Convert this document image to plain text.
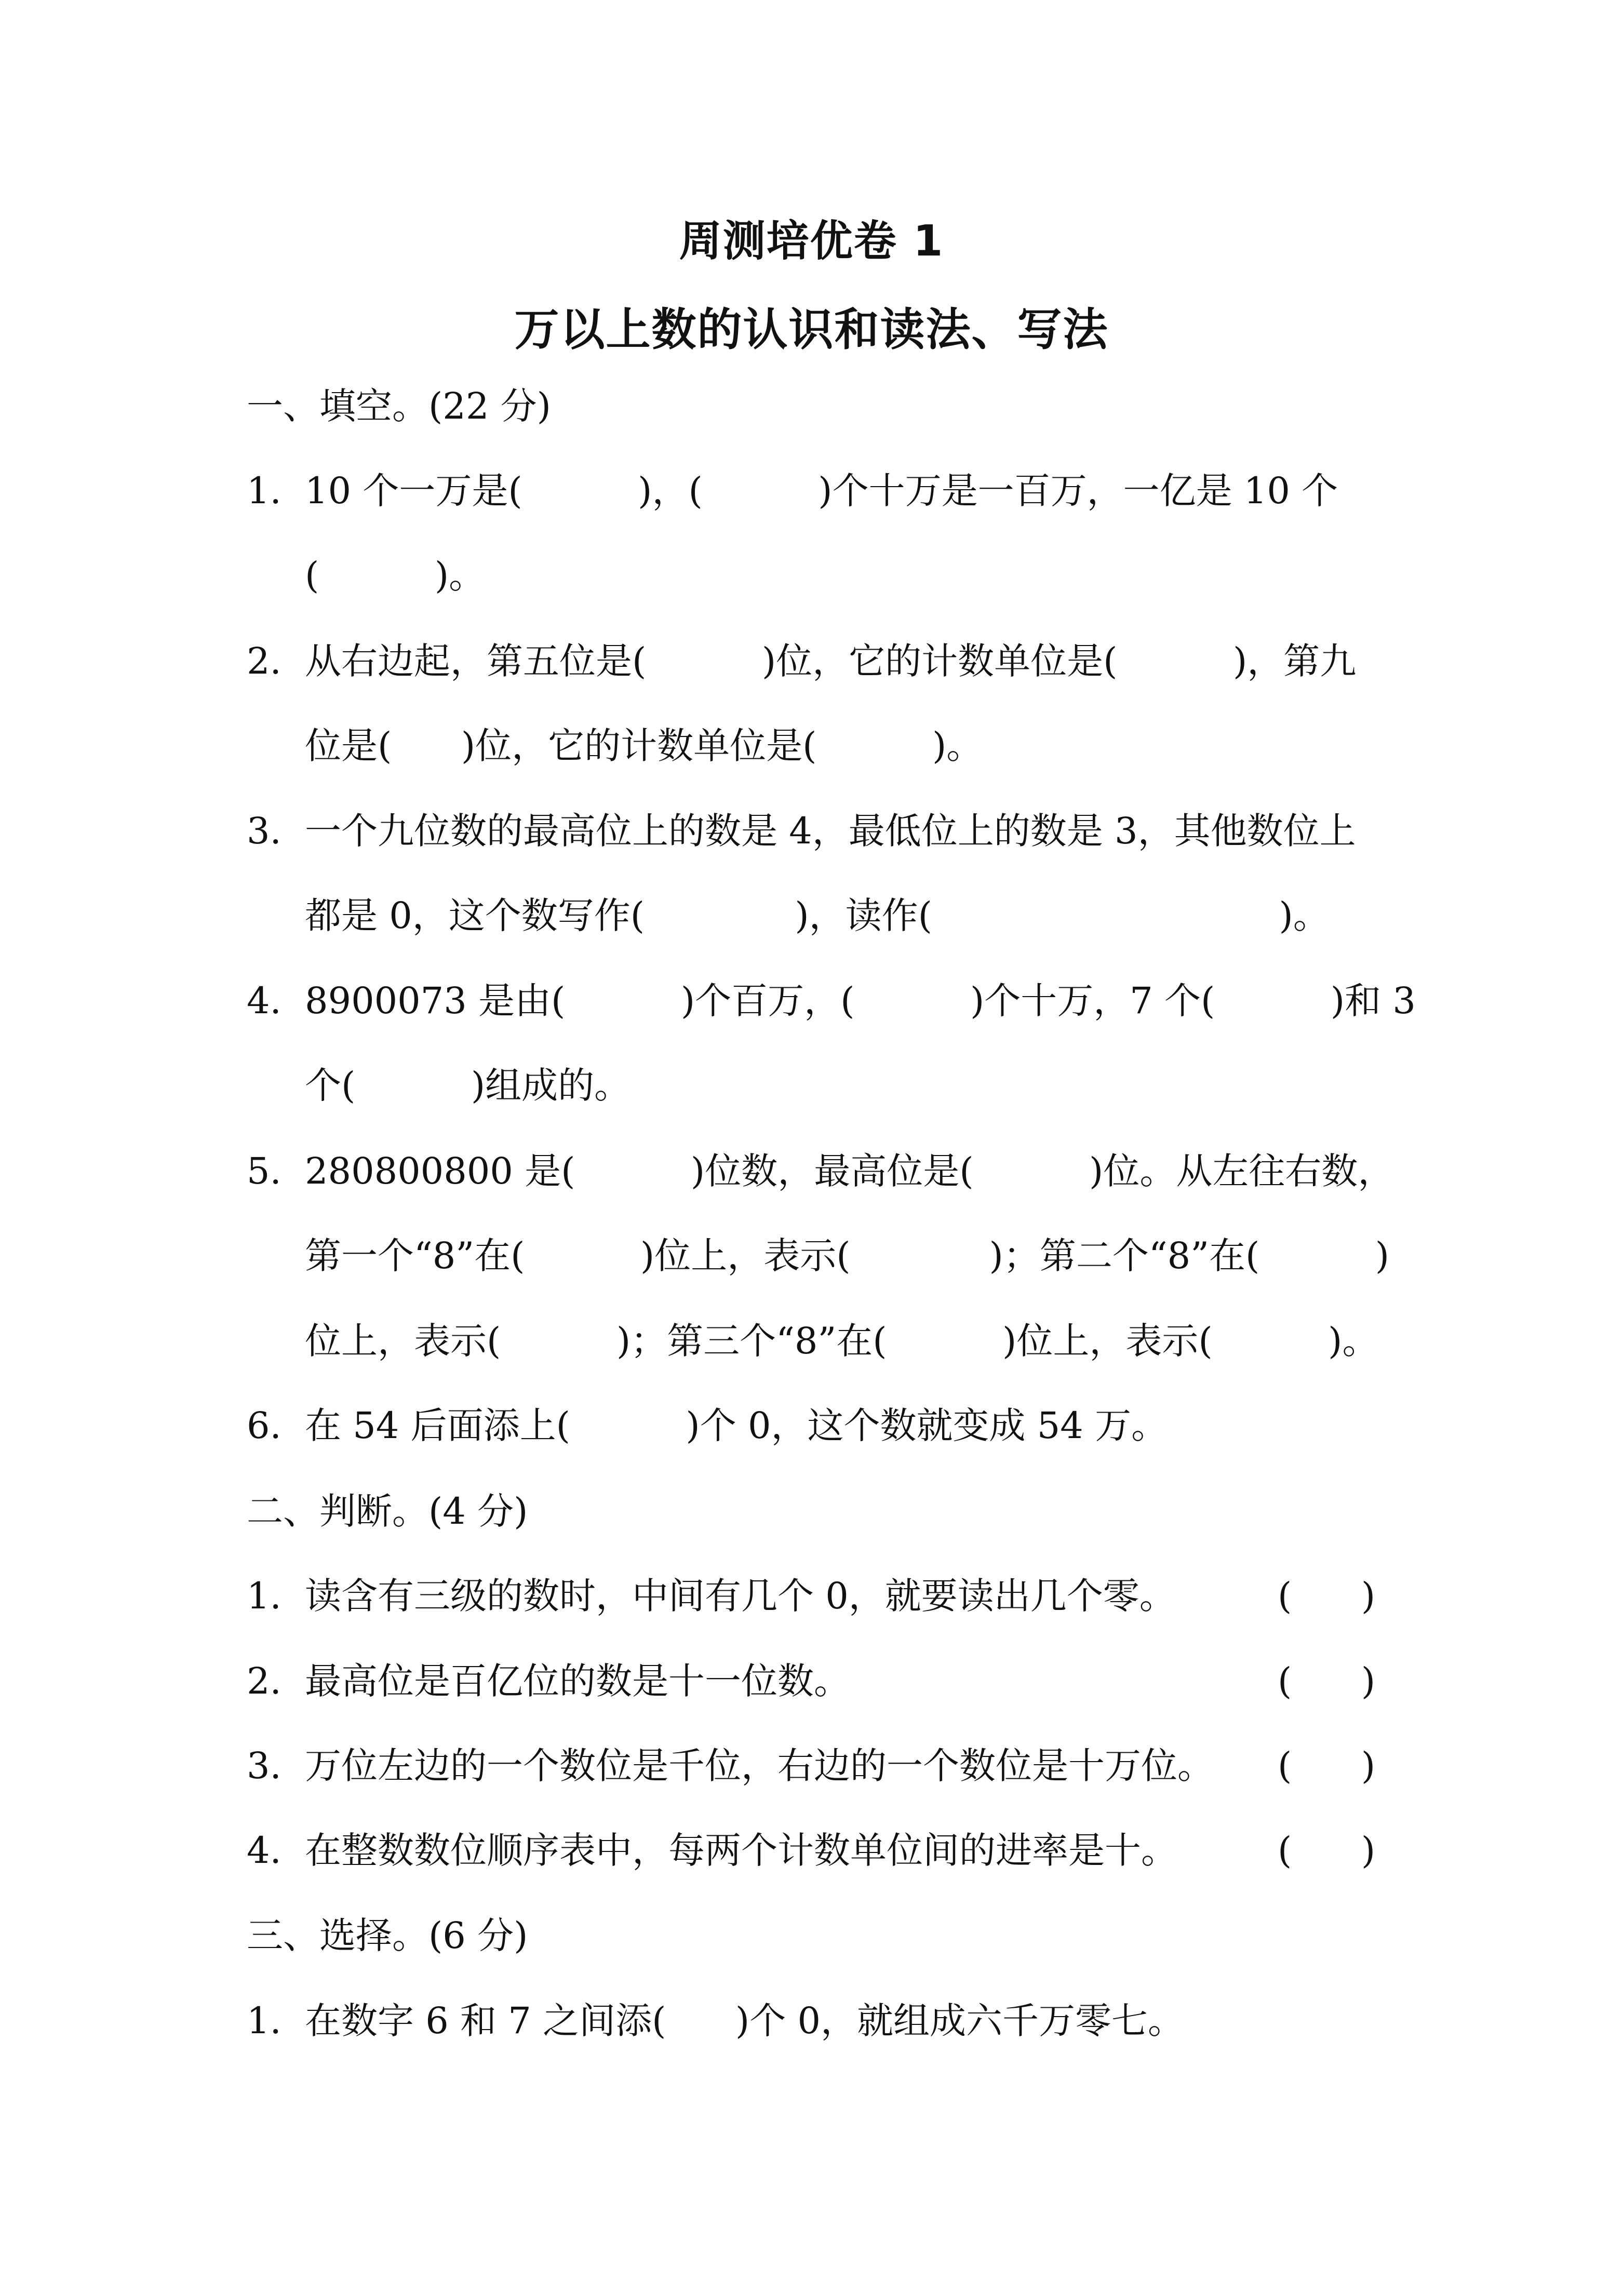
周测培优卷 1
万以上数的认识和读法、写法
一、填空。(22 分)

1.

10 个一万是(          )，(          )个十万是一百万，一亿是 10 个

(          )。

2.

从右边起，第五位是(          )位，它的计数单位是(          )，第九

位是(      )位，它的计数单位是(          )。

3.

一个九位数的最高位上的数是 4，最低位上的数是 3，其他数位上

都是 0，这个数写作(             )，读作(                              )。

4.

8900073 是由(          )个百万，(          )个十万，7 个(          )和 3

个(          )组成的。

5.

280800800 是(          )位数，最高位是(          )位。从左往右数，

第一个“8”在(          )位上，表示(            )；第二个“8”在(          )
位上，表示(          )；第三个“8”在(          )位上，表示(          )。

6.

在 54 后面添上(          )个 0，这个数就变成 54 万。

二、判断。(4 分)

1.

读含有三级的数时，中间有几个 0，就要读出几个零。

	(      )

2.

最高位是百亿位的数是十一位数。

	(      )

3.

万位左边的一个数位是千位，右边的一个数位是十万位。

(      )

4.

在整数数位顺序表中，每两个计数单位间的进率是十。

	(      )

三、选择。(6 分)

1.

在数字 6 和 7 之间添(      )个 0，就组成六千万零七。
